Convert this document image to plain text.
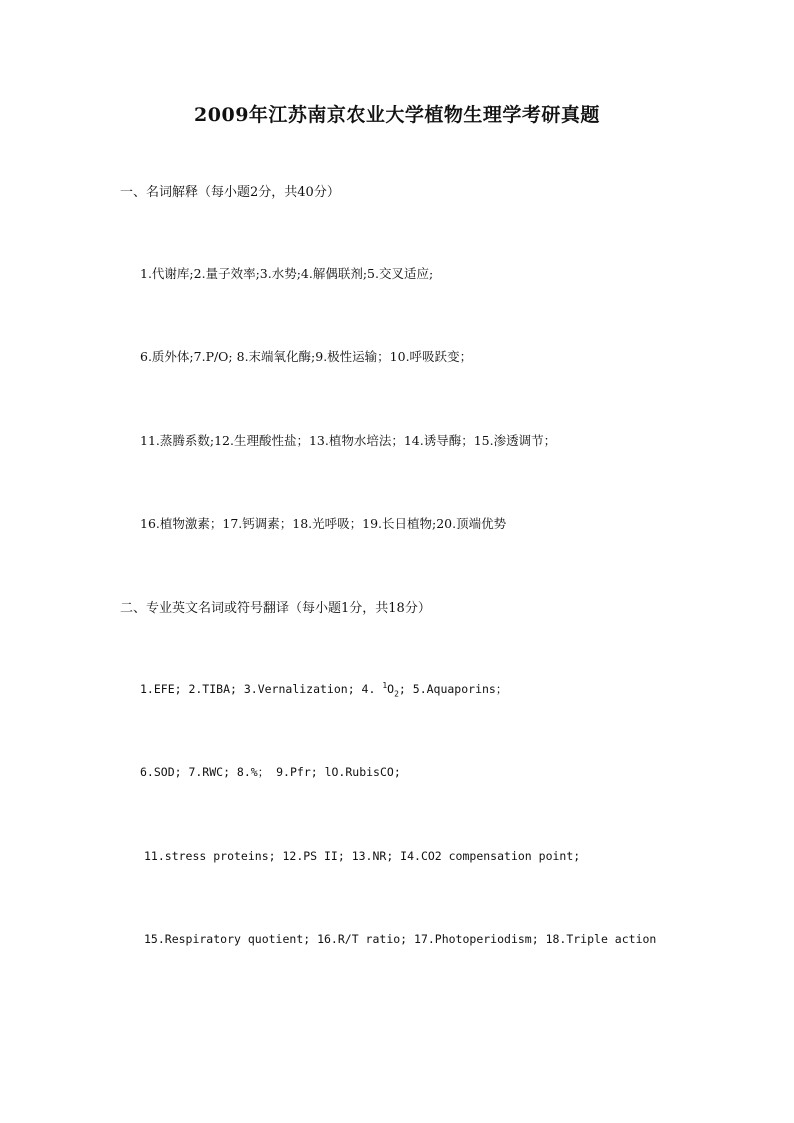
2009年江苏南京农业大学植物生理学考研真题
一、名词解释（每小题2分，共40分）
1.代谢库;2.量子效率;3.水势;4.解偶联剂;5.交叉适应;
6.质外体;7.P/O; 8.末端氧化酶;9.极性运输；10.呼吸跃变；
11.蒸腾系数;12.生理酸性盐；13.植物水培法；14.诱导酶；15.渗透调节；
16.植物激素；17.钙调素；18.光呼吸；19.长日植物;20.顶端优势
二、专业英文名词或符号翻译（每小题1分，共18分）
1.EFE; 2.TIBA; 3.Vernalization; 4. $^1O_2$; 5.Aquaporins；
6.SOD; 7.RWC; 8.%； 9.Pfr; lO.RubisCO;
11.stress proteins; 12.PS II; 13.NR; I4.CO2 compensation point;
15.Respiratory quotient; 16.R/T ratio; 17.Photoperiodism; 18.Triple action
